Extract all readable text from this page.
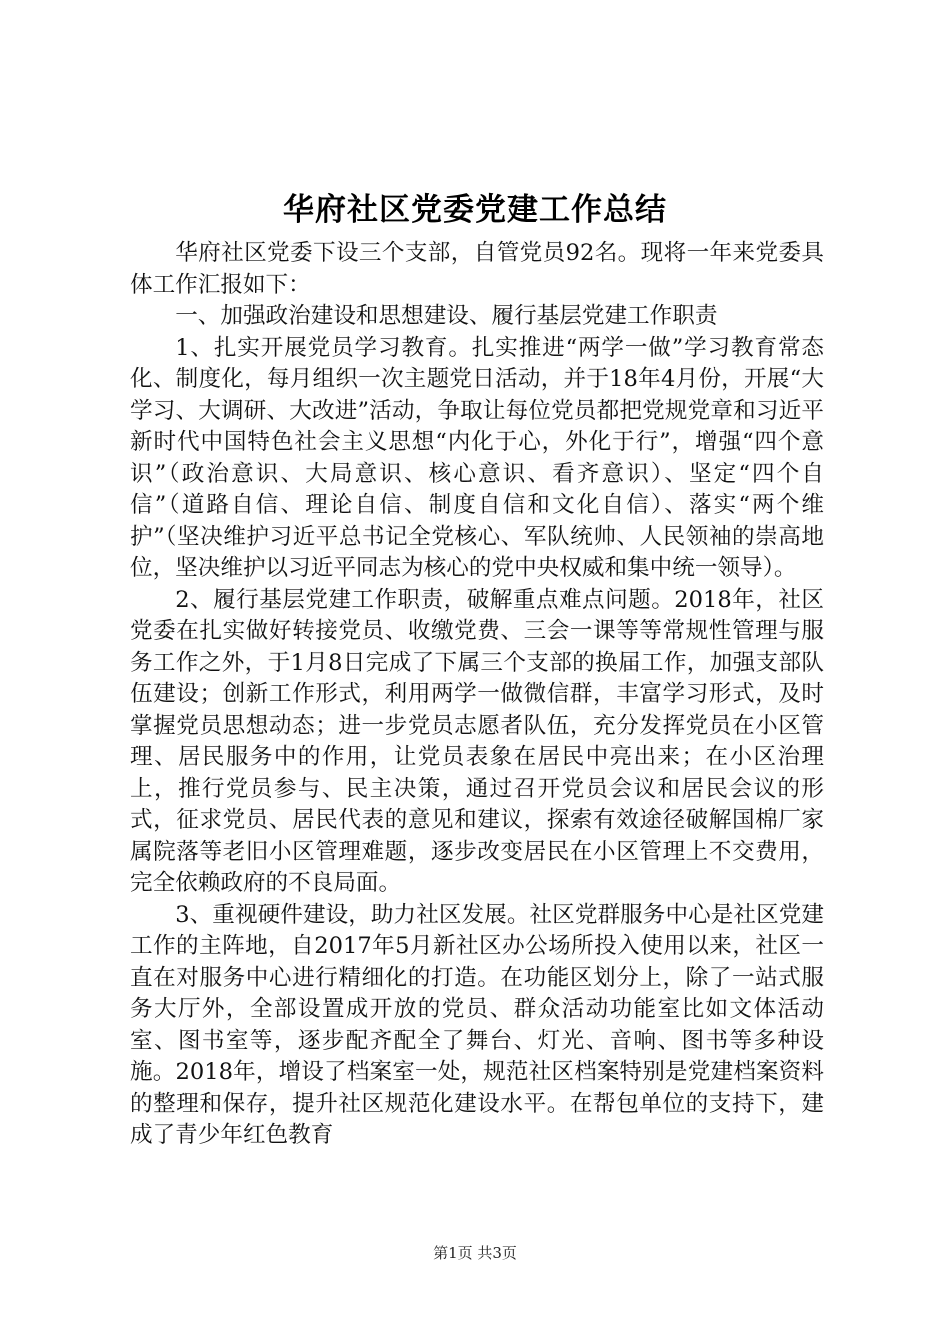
华府社区党委党建工作总结

华府社区党委下设三个支部，自管党员92名。现将一年来党委具体工作汇报如下：

一、加强政治建设和思想建设、履行基层党建工作职责

1、扎实开展党员学习教育。扎实推进“两学一做”学习教育常态化、制度化，每月组织一次主题党日活动，并于18年4月份，开展“大学习、大调研、大改进”活动，争取让每位党员都把党规党章和习近平新时代中国特色社会主义思想“内化于心，外化于行”，增强“四个意识”（政治意识、大局意识、核心意识、看齐意识）、坚定“四个自信”（道路自信、理论自信、制度自信和文化自信）、落实“两个维护”（坚决维护习近平总书记全党核心、军队统帅、人民领袖的崇高地位，坚决维护以习近平同志为核心的党中央权威和集中统一领导）。

2、履行基层党建工作职责，破解重点难点问题。2018年，社区党委在扎实做好转接党员、收缴党费、三会一课等等常规性管理与服务工作之外，于1月8日完成了下属三个支部的换届工作，加强支部队伍建设；创新工作形式，利用两学一做微信群，丰富学习形式，及时掌握党员思想动态；进一步党员志愿者队伍，充分发挥党员在小区管理、居民服务中的作用，让党员表象在居民中亮出来；在小区治理上，推行党员参与、民主决策，通过召开党员会议和居民会议的形式，征求党员、居民代表的意见和建议，探索有效途径破解国棉厂家属院落等老旧小区管理难题，逐步改变居民在小区管理上不交费用，完全依赖政府的不良局面。

3、重视硬件建设，助力社区发展。社区党群服务中心是社区党建工作的主阵地，自2017年5月新社区办公场所投入使用以来，社区一直在对服务中心进行精细化的打造。在功能区划分上，除了一站式服务大厅外，全部设置成开放的党员、群众活动功能室比如文体活动室、图书室等，逐步配齐配全了舞台、灯光、音响、图书等多种设施。2018年，增设了档案室一处，规范社区档案特别是党建档案资料的整理和保存，提升社区规范化建设水平。在帮包单位的支持下，建成了青少年红色教育

第1页 共3页
